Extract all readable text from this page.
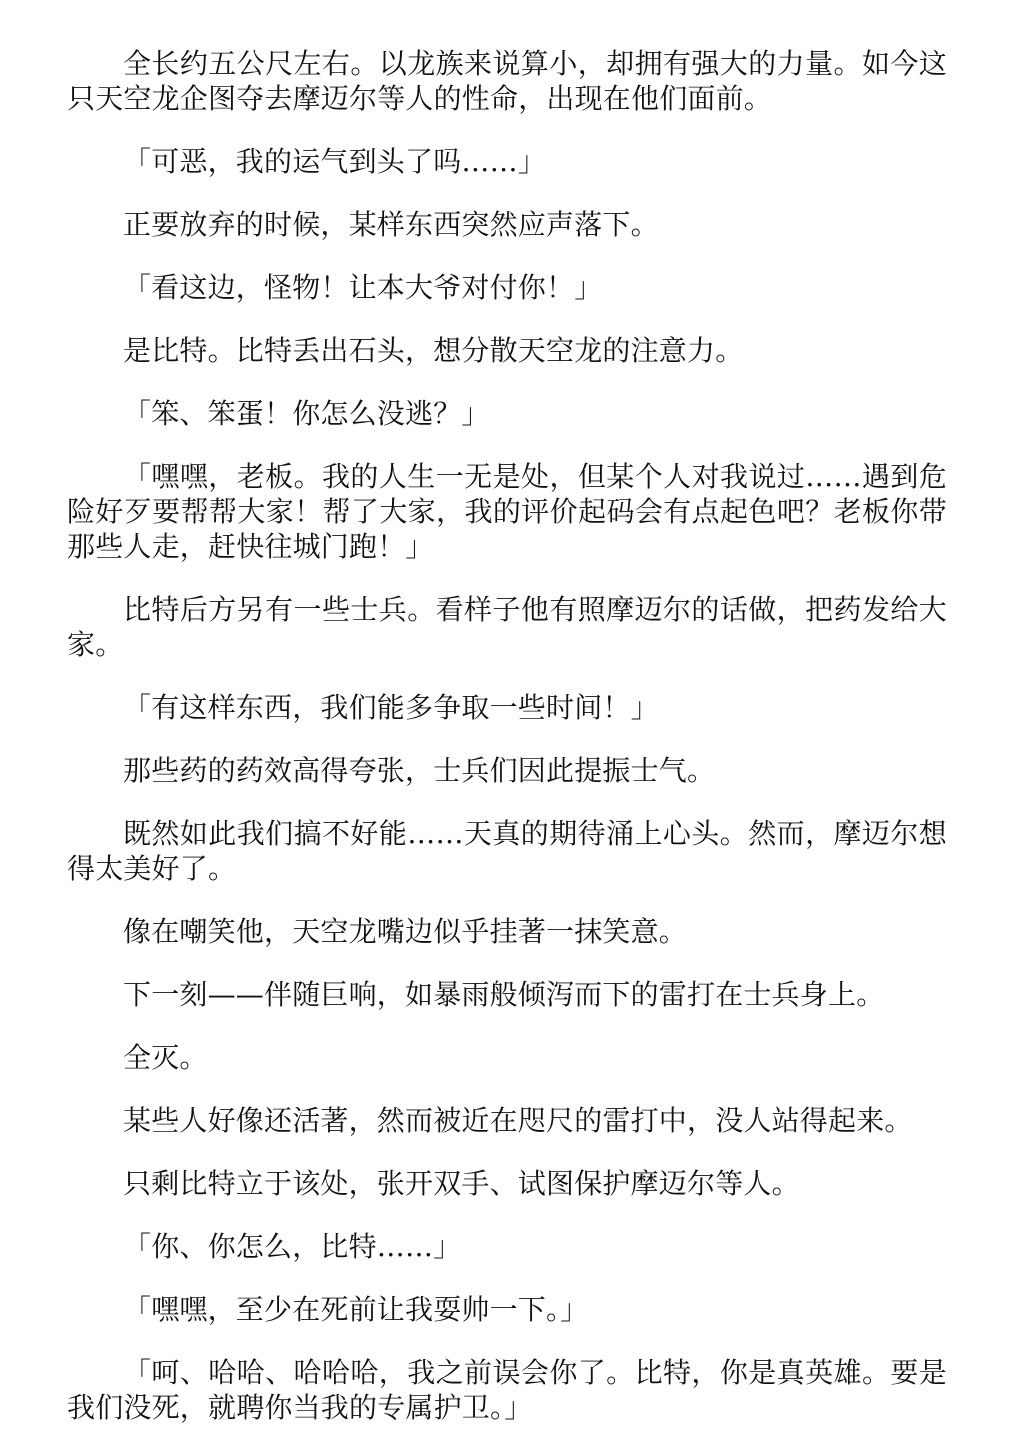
全长约五公尺左右。以龙族来说算小，却拥有强大的力量。如今这只天空龙企图夺去摩迈尔等人的性命，出现在他们面前。

「可恶，我的运气到头了吗……」

正要放弃的时候，某样东西突然应声落下。

「看这边，怪物！让本大爷对付你！」

是比特。比特丢出石头，想分散天空龙的注意力。

「笨、笨蛋！你怎么没逃？」

「嘿嘿，老板。我的人生一无是处，但某个人对我说过……遇到危险好歹要帮帮大家！帮了大家，我的评价起码会有点起色吧？老板你带那些人走，赶快往城门跑！」

比特后方另有一些士兵。看样子他有照摩迈尔的话做，把药发给大家。

「有这样东西，我们能多争取一些时间！」

那些药的药效高得夸张，士兵们因此提振士气。

既然如此我们搞不好能……天真的期待涌上心头。然而，摩迈尔想得太美好了。

像在嘲笑他，天空龙嘴边似乎挂著一抹笑意。

下一刻——伴随巨响，如暴雨般倾泻而下的雷打在士兵身上。

全灭。

某些人好像还活著，然而被近在咫尺的雷打中，没人站得起来。

只剩比特立于该处，张开双手、试图保护摩迈尔等人。

「你、你怎么，比特……」

「嘿嘿，至少在死前让我耍帅一下。」

「呵、哈哈、哈哈哈，我之前误会你了。比特，你是真英雄。要是我们没死，就聘你当我的专属护卫。」
